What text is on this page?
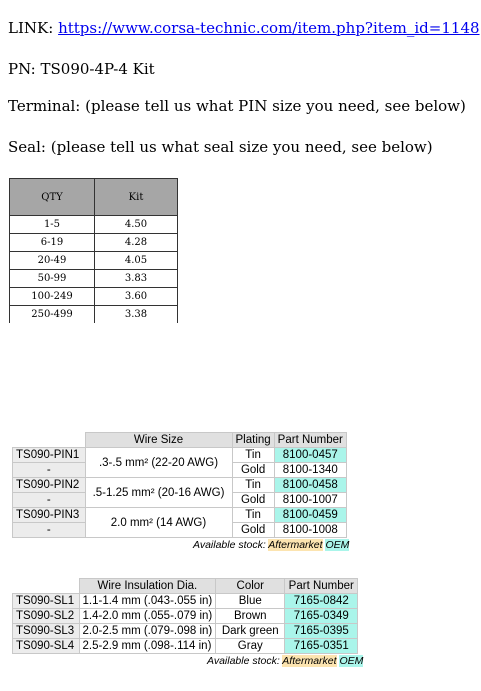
LINK: https://www.corsa-technic.com/item.php?item_id=1148
PN: TS090-4P-4 Kit
Terminal: (please tell us what PIN size you need, see below)
Seal: (please tell us what seal size you need, see below)
QTY	Kit
1-5	4.50
6-19	4.28
20-49	4.05
50-99	3.83
100-249	3.60
250-499	3.38
	Wire Size	Plating	Part Number
TS090-PIN1	.3-.5 mm² (22-20 AWG)	Tin	8100-0457
-		Gold	8100-1340
TS090-PIN2	.5-1.25 mm² (20-16 AWG)	Tin	8100-0458
-		Gold	8100-1007
TS090-PIN3	2.0 mm² (14 AWG)	Tin	8100-0459
-		Gold	8100-1008
Available stock: Aftermarket OEM
	Wire Insulation Dia.	Color	Part Number
TS090-SL1	1.1-1.4 mm (.043-.055 in)	Blue	7165-0842
TS090-SL2	1.4-2.0 mm (.055-.079 in)	Brown	7165-0349
TS090-SL3	2.0-2.5 mm (.079-.098 in)	Dark green	7165-0395
TS090-SL4	2.5-2.9 mm (.098-.114 in)	Gray	7165-0351
Available stock: Aftermarket OEM
